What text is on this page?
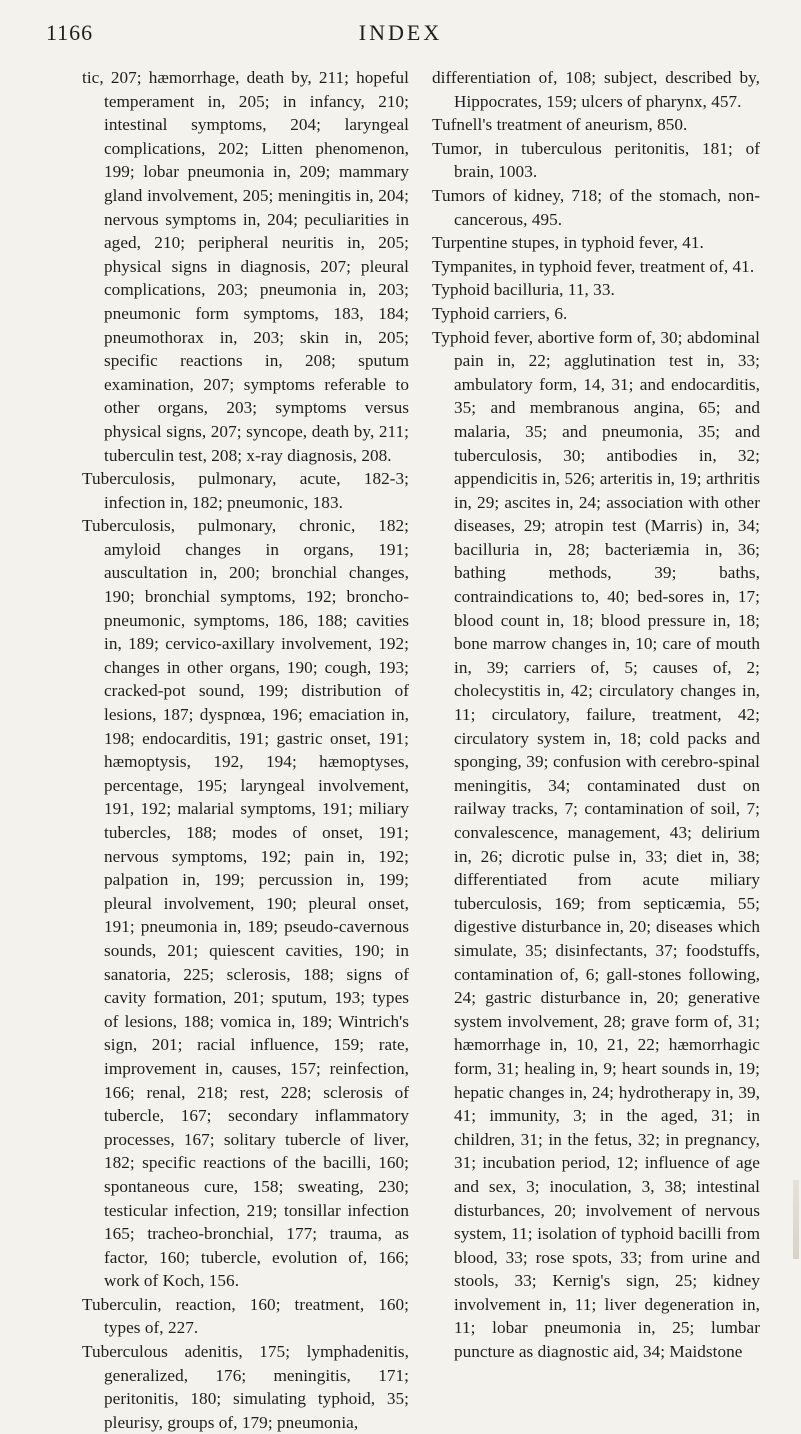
1166	INDEX

tic, 207; hæmorrhage, death by, 211; hopeful temperament in, 205; in infancy, 210; intestinal symptoms, 204; laryngeal complications, 202; Litten phenomenon, 199; lobar pneumonia in, 209; mammary gland involvement, 205; meningitis in, 204; nervous symptoms in, 204; peculiarities in aged, 210; peripheral neuritis in, 205; physical signs in diagnosis, 207; pleural complications, 203; pneumonia in, 203; pneumonic form symptoms, 183, 184; pneumothorax in, 203; skin in, 205; specific reactions in, 208; sputum examination, 207; symptoms referable to other organs, 203; symptoms versus physical signs, 207; syncope, death by, 211; tuberculin test, 208; x-ray diagnosis, 208.

Tuberculosis, pulmonary, acute, 182-3; infection in, 182; pneumonic, 183.

Tuberculosis, pulmonary, chronic, 182; amyloid changes in organs, 191; auscultation in, 200; bronchial changes, 190; bronchial symptoms, 192; broncho-pneumonic, symptoms, 186, 188; cavities in, 189; cervico-axillary involvement, 192; changes in other organs, 190; cough, 193; cracked-pot sound, 199; distribution of lesions, 187; dyspnœa, 196; emaciation in, 198; endocarditis, 191; gastric onset, 191; hæmoptysis, 192, 194; hæmoptyses, percentage, 195; laryngeal involvement, 191, 192; malarial symptoms, 191; miliary tubercles, 188; modes of onset, 191; nervous symptoms, 192; pain in, 192; palpation in, 199; percussion in, 199; pleural involvement, 190; pleural onset, 191; pneumonia in, 189; pseudo-cavernous sounds, 201; quiescent cavities, 190; in sanatoria, 225; sclerosis, 188; signs of cavity formation, 201; sputum, 193; types of lesions, 188; vomica in, 189; Wintrich's sign, 201; racial influence, 159; rate, improvement in, causes, 157; reinfection, 166; renal, 218; rest, 228; sclerosis of tubercle, 167; secondary inflammatory processes, 167; solitary tubercle of liver, 182; specific reactions of the bacilli, 160; spontaneous cure, 158; sweating, 230; testicular infection, 219; tonsillar infection 165; tracheo-bronchial, 177; trauma, as factor, 160; tubercle, evolution of, 166; work of Koch, 156.

Tuberculin, reaction, 160; treatment, 160; types of, 227.

Tuberculous adenitis, 175; lymphadenitis, generalized, 176; meningitis, 171; peritonitis, 180; simulating typhoid, 35; pleurisy, groups of, 179; pneumonia,

differentiation of, 108; subject, described by, Hippocrates, 159; ulcers of pharynx, 457.

Tufnell's treatment of aneurism, 850.

Tumor, in tuberculous peritonitis, 181; of brain, 1003.

Tumors of kidney, 718; of the stomach, non-cancerous, 495.

Turpentine stupes, in typhoid fever, 41.

Tympanites, in typhoid fever, treatment of, 41.

Typhoid bacilluria, 11, 33.

Typhoid carriers, 6.

Typhoid fever, abortive form of, 30; abdominal pain in, 22; agglutination test in, 33; ambulatory form, 14, 31; and endocarditis, 35; and membranous angina, 65; and malaria, 35; and pneumonia, 35; and tuberculosis, 30; antibodies in, 32; appendicitis in, 526; arteritis in, 19; arthritis in, 29; ascites in, 24; association with other diseases, 29; atropin test (Marris) in, 34; bacilluria in, 28; bacteriæmia in, 36; bathing methods, 39; baths, contraindications to, 40; bed-sores in, 17; blood count in, 18; blood pressure in, 18; bone marrow changes in, 10; care of mouth in, 39; carriers of, 5; causes of, 2; cholecystitis in, 42; circulatory changes in, 11; circulatory, failure, treatment, 42; circulatory system in, 18; cold packs and sponging, 39; confusion with cerebro-spinal meningitis, 34; contaminated dust on railway tracks, 7; contamination of soil, 7; convalescence, management, 43; delirium in, 26; dicrotic pulse in, 33; diet in, 38; differentiated from acute miliary tuberculosis, 169; from septicæmia, 55; digestive disturbance in, 20; diseases which simulate, 35; disinfectants, 37; foodstuffs, contamination of, 6; gall-stones following, 24; gastric disturbance in, 20; generative system involvement, 28; grave form of, 31; hæmorrhage in, 10, 21, 22; hæmorrhagic form, 31; healing in, 9; heart sounds in, 19; hepatic changes in, 24; hydrotherapy in, 39, 41; immunity, 3; in the aged, 31; in children, 31; in the fetus, 32; in pregnancy, 31; incubation period, 12; influence of age and sex, 3; inoculation, 3, 38; intestinal disturbances, 20; involvement of nervous system, 11; isolation of typhoid bacilli from blood, 33; rose spots, 33; from urine and stools, 33; Kernig's sign, 25; kidney involvement in, 11; liver degeneration in, 11; lobar pneumonia in, 25; lumbar puncture as diagnostic aid, 34; Maidstone
